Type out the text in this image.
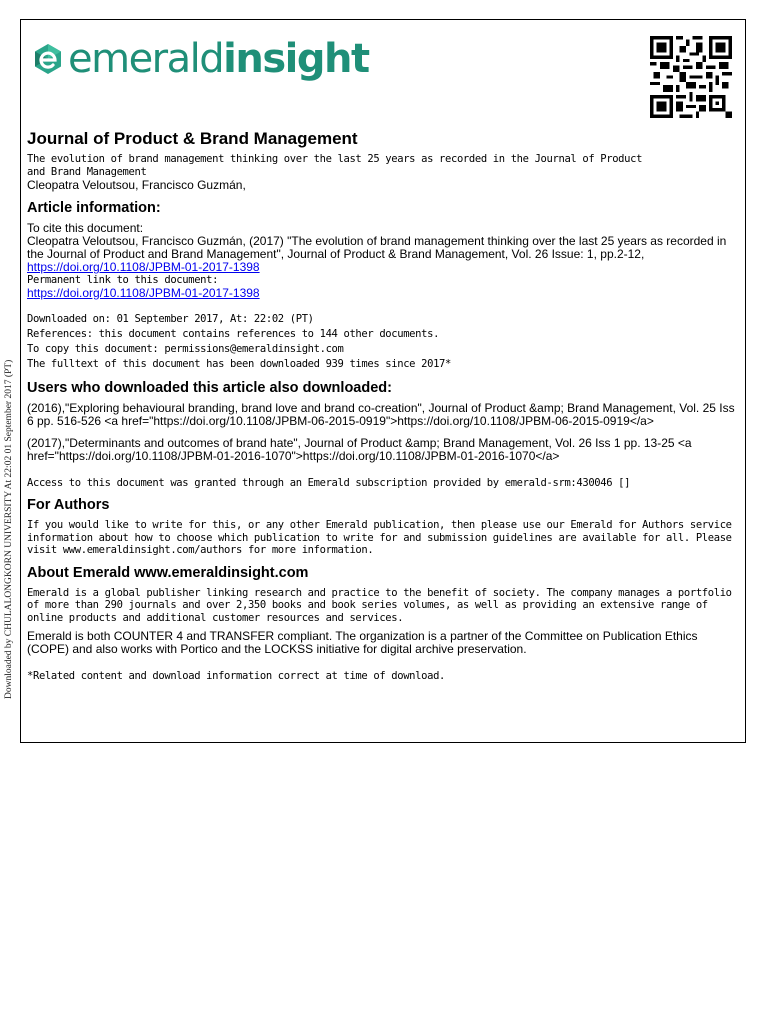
Downloaded by CHULALONGKORN UNIVERSITY At 22:02 01 September 2017 (PT)
emeraldinsight
Journal of Product & Brand Management
The evolution of brand management thinking over the last 25 years as recorded in the Journal of Product
and Brand Management
Cleopatra Veloutsou, Francisco Guzmán,
Article information:
To cite this document:
Cleopatra Veloutsou, Francisco Guzmán, (2017) "The evolution of brand management thinking over the last 25 years as recorded in the Journal of Product and Brand Management", Journal of Product & Brand Management, Vol. 26 Issue: 1, pp.2-12, https://doi.org/10.1108/JPBM-01-2017-1398
Permanent link to this document:
https://doi.org/10.1108/JPBM-01-2017-1398
Downloaded on: 01 September 2017, At: 22:02 (PT)
References: this document contains references to 144 other documents.
To copy this document: permissions@emeraldinsight.com
The fulltext of this document has been downloaded 939 times since 2017*
Users who downloaded this article also downloaded:
(2016),"Exploring behavioural branding, brand love and brand co-creation", Journal of Product &amp; Brand Management, Vol. 25 Iss 6 pp. 516-526 <a href="https://doi.org/10.1108/JPBM-06-2015-0919">https://doi.org/10.1108/JPBM-06-2015-0919</a>
(2017),"Determinants and outcomes of brand hate", Journal of Product &amp; Brand Management, Vol. 26 Iss 1 pp. 13-25 <a href="https://doi.org/10.1108/JPBM-01-2016-1070">https://doi.org/10.1108/JPBM-01-2016-1070</a>
Access to this document was granted through an Emerald subscription provided by emerald-srm:430046 []
For Authors
If you would like to write for this, or any other Emerald publication, then please use our Emerald for Authors service information about how to choose which publication to write for and submission guidelines are available for all. Please visit www.emeraldinsight.com/authors for more information.
About Emerald www.emeraldinsight.com
Emerald is a global publisher linking research and practice to the benefit of society. The company manages a portfolio of more than 290 journals and over 2,350 books and book series volumes, as well as providing an extensive range of online products and additional customer resources and services.
Emerald is both COUNTER 4 and TRANSFER compliant. The organization is a partner of the Committee on Publication Ethics (COPE) and also works with Portico and the LOCKSS initiative for digital archive preservation.
*Related content and download information correct at time of download.
